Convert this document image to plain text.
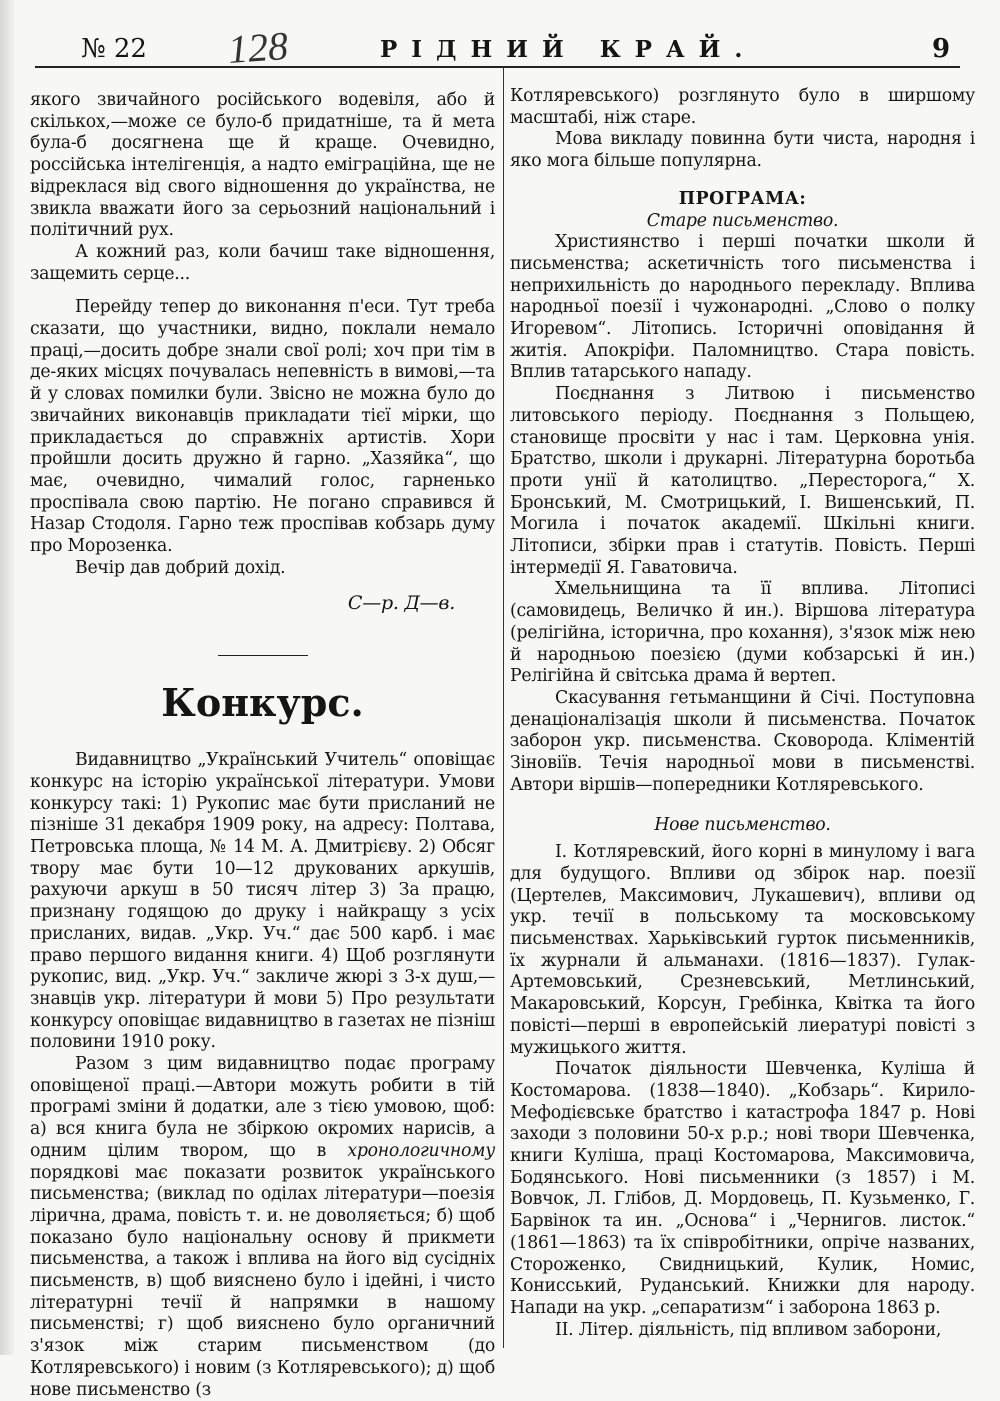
№ 22 128	РІДНИЙ КРАЙ.	9

якого звичайного російського водевіля, або й скількох,—може се було-б придатніше, та й мета була-б досягнена ще й краще. Очевидно, россійська інтелігенція, а надто еміграційна, ще не відреклася від свого відношення до українства, не звикла вважати його за серьозний національний і політичний рух.

А кожний раз, коли бачиш таке відношення, защемить серце...

Перейду тепер до виконання п'еси. Тут треба сказати, що участники, видно, поклали немало праці,—досить добре знали свої ролі; хоч при тім в де-яких місцях почувалась непевність в вимові,—та й у словах помилки були. Звісно не можна було до звичайних виконавців прикладати тієї мірки, що прикладається до справжніх артистів. Хори пройшли досить дружно й гарно. „Хазяйка“, що має, очевидно, чималий голос, гарненько проспівала свою партію. Не погано справився й Назар Стодоля. Гарно теж проспівав кобзарь думу про Морозенка.

Вечір дав добрий дохід.

С—р. Д—в.

Конкурс.

Видавництво „Український Учитель“ оповіщає конкурс на історію української літератури. Умови конкурсу такі: 1) Рукопис має бути присланий не пізніше 31 декабря 1909 року, на адресу: Полтава, Петровська площа, № 14 М. А. Дмитрієву. 2) Обсяг твору має бути 10—12 друкованих аркушів, рахуючи аркуш в 50 тисяч літер 3) За працю, признану годящою до друку і найкращу з усіх присланих, видав. „Укр. Уч.“ дає 500 карб. і має право першого видання книги. 4) Щоб розглянути рукопис, вид. „Укр. Уч.“ закличе жюрі з 3-х душ,—знавців укр. літератури й мови 5) Про результати конкурсу оповіщає видавництво в газетах не пізніш половини 1910 року.

Разом з цим видавництво подає програму оповіщеної праці.—Автори можуть робити в тій програмі зміни й додатки, але з тією умовою, щоб: а) вся книга була не збіркою окромих нарисів, а одним цілим твором, що в хронологичному порядкові має показати розвиток українського письменства; (виклад по оділах літератури—поезія лірична, драма, повість т. и. не доволяється; б) щоб показано було національну основу й прикмети письменства, а також і вплива на його від сусідніх письменств, в) щоб вияснено було і ідейні, і чисто літературні течії й напрямки в нашому письменстві; г) щоб вияснено було органичний з'язок між старим письменством (до Котляревського) і новим (з Котляревського); д) щоб нове письменство (з

Котляревського) розглянуто було в ширшому масштабі, ніж старе.

Мова викладу повинна бути чиста, народня і яко мога більше популярна.

ПРОГРАМА:

Старе письменство.

Християнство і перші початки школи й письменства; аскетичність того письменства і неприхильність до народнього перекладу. Вплива народньої поезії і чужонародні. „Слово о полку Игоревом“. Літопись. Історичні оповідання й житія. Апокріфи. Паломництво. Стара повість. Вплив татарського нападу.

Поєднання з Литвою і письменство литовського періоду. Поєднання з Польщею, становище просвіти у нас і там. Церковна унія. Братство, школи і друкарні. Літературна боротьба проти унії й католицтво. „Пересторога,“ Х. Бронський, М. Смотрицький, І. Вишенський, П. Могила і початок академії. Шкільні книги. Літописи, збірки прав і статутів. Повість. Перші інтермедії Я. Гаватовича.

Хмельнищина та її вплива. Літописі (самовидець, Величко й ин.). Віршова література (релігійна, історична, про кохання), з'язок між нею й народньою поезією (думи кобзарські й ин.) Релігійна й світська драма й вертеп.

Скасування гетьманщини й Січі. Поступовна денаціоналізація школи й письменства. Початок заборон укр. письменства. Сковорода. Кліментій Зіновіїв. Течія народньої мови в письменстві. Автори віршів—попередники Котляревського.

Нове письменство.

І. Котляревский, його корні в минулому і вага для будущого. Впливи од збірок нар. поезії (Цертелев, Максимович, Лукашевич), впливи од укр. течії в польському та московському письменствах. Харьківський гурток письменників, їх журнали й альманахи. (1816—1837). Гулак-Артемовський, Срезневський, Метлинський, Макаровський, Корсун, Гребінка, Квітка та його повісті—перші в европейській лиературі повісті з мужицького життя.

Початок діяльности Шевченка, Куліша й Костомарова. (1838—1840). „Кобзарь“. Кирило-Мефодієвське братство і катастрофа 1847 р. Нові заходи з половини 50-х р.р.; нові твори Шевченка, книги Куліша, праці Костомарова, Максимовича, Бодянського. Нові письменники (з 1857) і М. Вовчок, Л. Глібов, Д. Мордовець, П. Кузьменко, Г. Барвінок та ин. „Основа“ і „Чернигов. листок.“ (1861—1863) та їх співробітники, опріче названих, Стороженко, Свидницький, Кулик, Номис, Конисський, Руданський. Книжки для народу. Напади на укр. „сепаратизм“ і заборона 1863 р.

II. Літер. діяльність, під впливом заборони,
